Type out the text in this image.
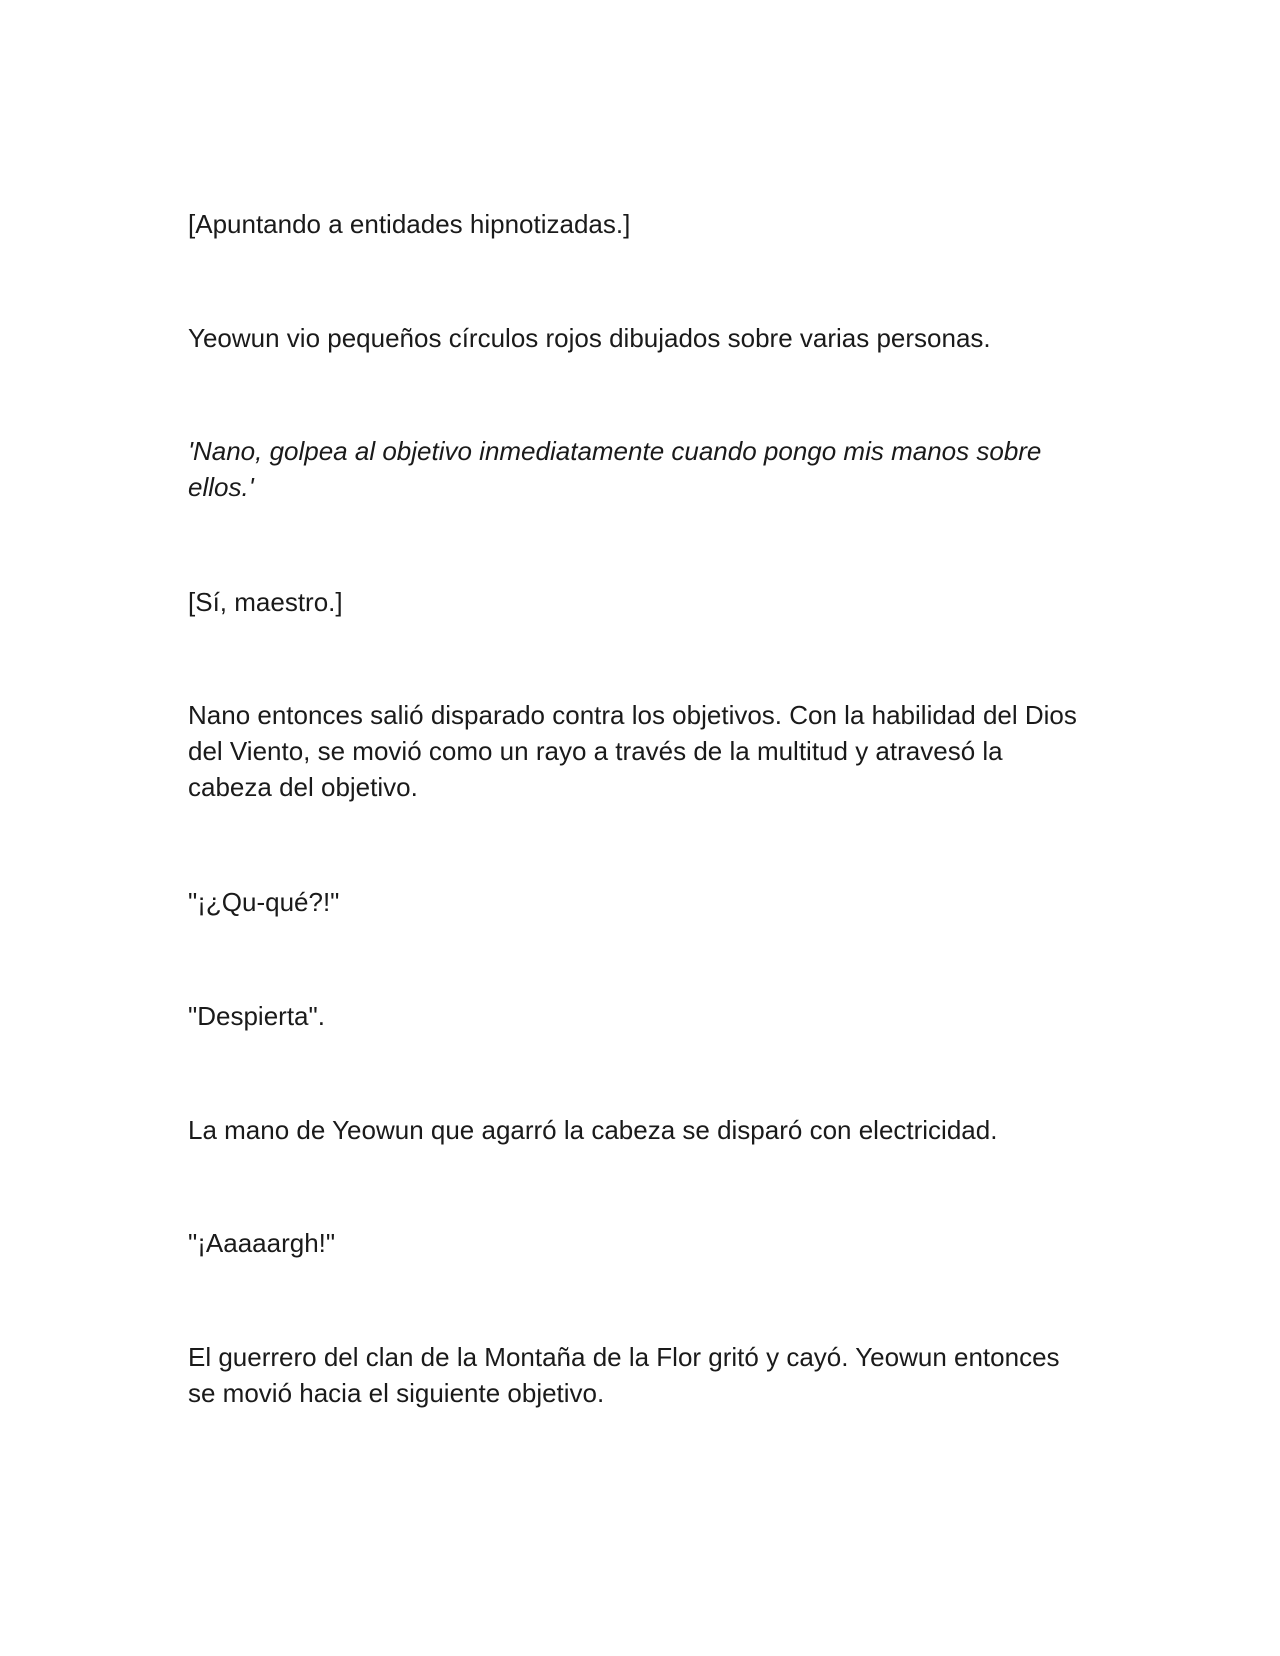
[Apuntando a entidades hipnotizadas.]

Yeowun vio pequeños círculos rojos dibujados sobre varias personas.

'Nano, golpea al objetivo inmediatamente cuando pongo mis manos sobre ellos.'

[Sí, maestro.]

Nano entonces salió disparado contra los objetivos. Con la habilidad del Dios del Viento, se movió como un rayo a través de la multitud y atravesó la cabeza del objetivo.

"¡¿Qu-qué?!"

"Despierta".

La mano de Yeowun que agarró la cabeza se disparó con electricidad.

"¡Aaaaargh!"

El guerrero del clan de la Montaña de la Flor gritó y cayó. Yeowun entonces se movió hacia el siguiente objetivo.
